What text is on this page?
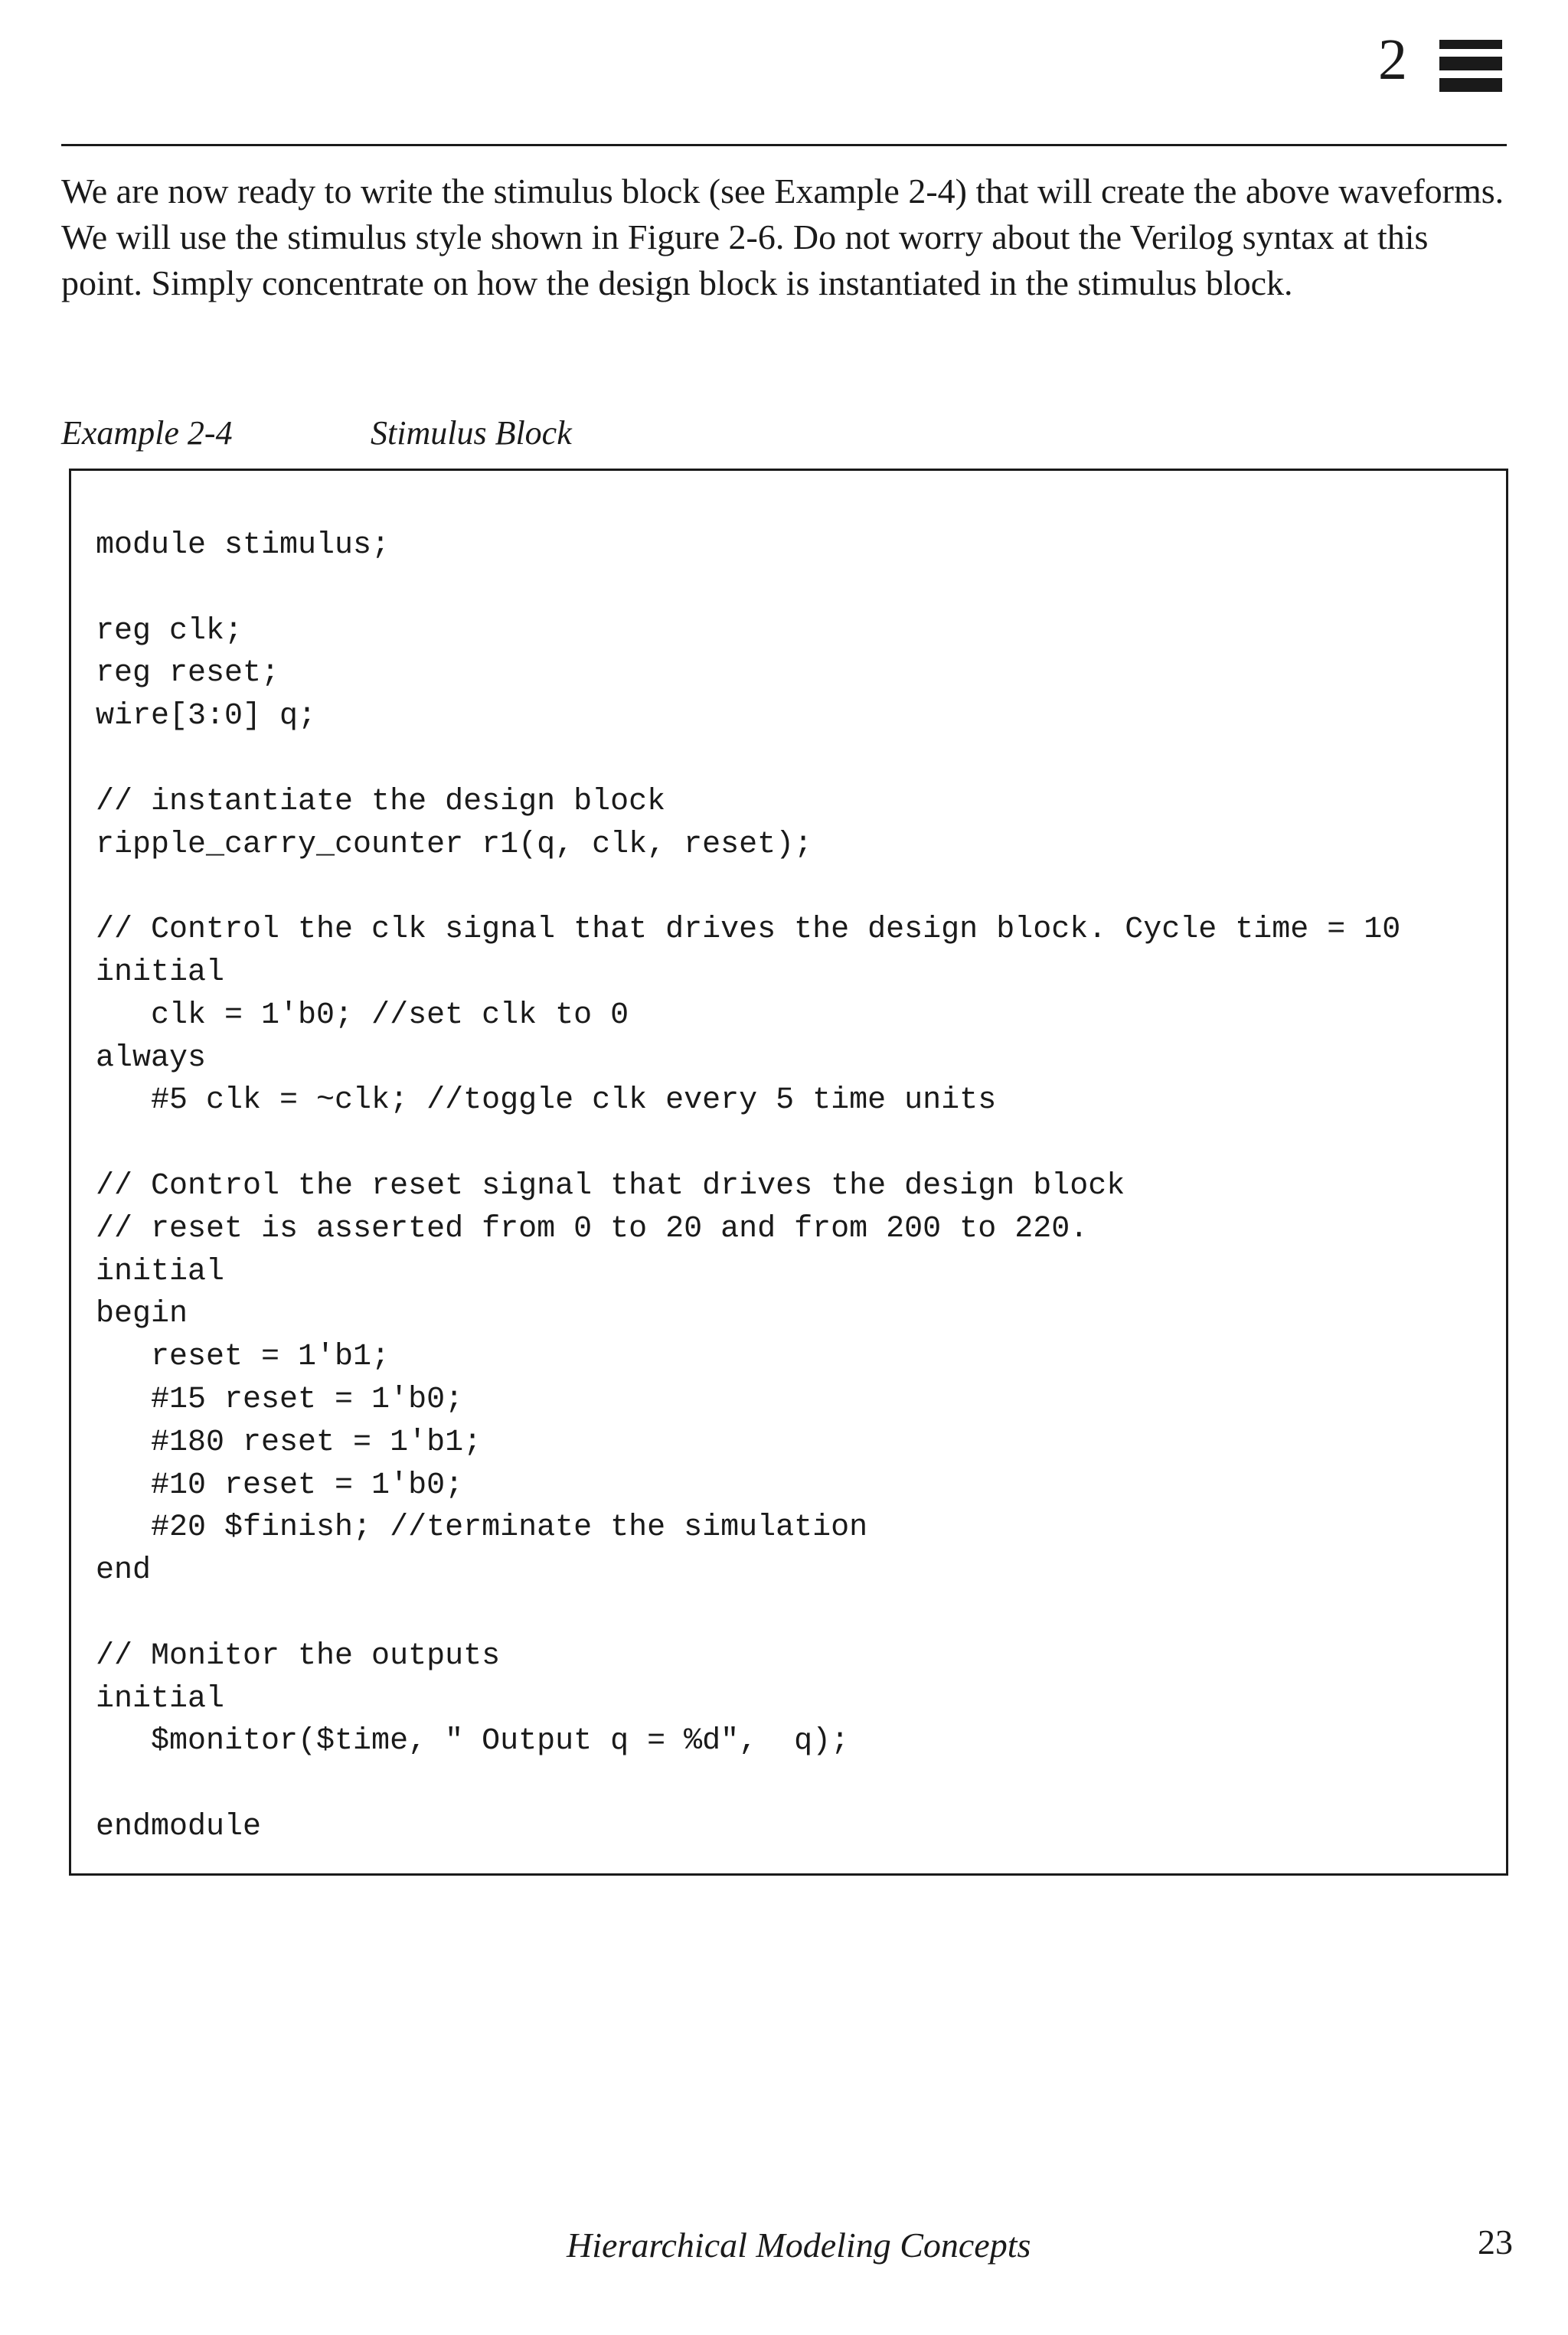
2
We are now ready to write the stimulus block (see Example 2-4) that will create the above waveforms. We will use the stimulus style shown in Figure 2-6. Do not worry about the Verilog syntax at this point. Simply concentrate on how the design block is instantiated in the stimulus block.
Example 2-4	Stimulus Block
module stimulus;
reg clk;
reg reset;
wire[3:0] q;
// instantiate the design block
ripple_carry_counter r1(q, clk, reset);
// Control the clk signal that drives the design block. Cycle time = 10
initial
clk = 1'b0; //set clk to 0
always
#5 clk = ~clk; //toggle clk every 5 time units
// Control the reset signal that drives the design block
// reset is asserted from 0 to 20 and from 200 to 220.
initial
begin
reset = 1'b1;
#15 reset = 1'b0;
#180 reset = 1'b1;
#10 reset = 1'b0;
#20 $finish; //terminate the simulation
end
// Monitor the outputs
initial
$monitor($time, " Output q = %d",  q);
endmodule
Hierarchical Modeling Concepts	23
